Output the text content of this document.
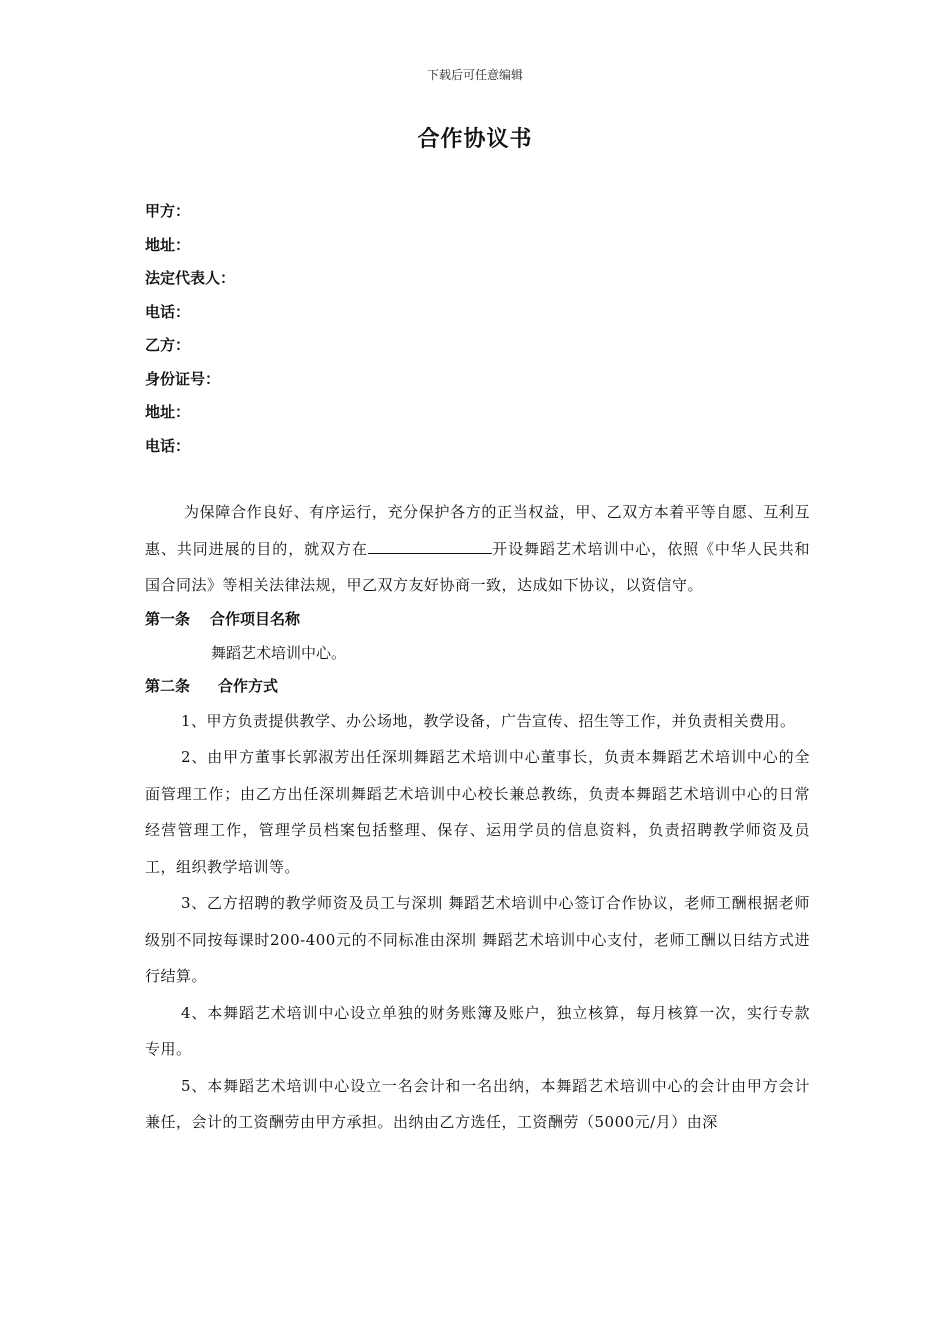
下载后可任意编辑
合作协议书
甲方：
地址：
法定代表人：
电话：
乙方：
身份证号：
地址：
电话：

为保障合作良好、有序运行，充分保护各方的正当权益，甲、乙双方本着平等自愿、互利互惠、共同进展的目的，就双方在	开设舞蹈艺术培训中心，依照《中华人民共和国合同法》等相关法律法规，甲乙双方友好协商一致，达成如下协议，以资信守。

第一条 合作项目名称

舞蹈艺术培训中心。

第二条 合作方式

1、甲方负责提供教学、办公场地，教学设备，广告宣传、招生等工作，并负责相关费用。

2、由甲方董事长郭淑芳出任深圳舞蹈艺术培训中心董事长，负责本舞蹈艺术培训中心的全面管理工作；由乙方出任深圳舞蹈艺术培训中心校长兼总教练，负责本舞蹈艺术培训中心的日常经营管理工作，管理学员档案包括整理、保存、运用学员的信息资料，负责招聘教学师资及员工，组织教学培训等。

3、乙方招聘的教学师资及员工与深圳 舞蹈艺术培训中心签订合作协议，老师工酬根据老师级别不同按每课时200-400元的不同标准由深圳 舞蹈艺术培训中心支付，老师工酬以日结方式进行结算。

4、本舞蹈艺术培训中心设立单独的财务账簿及账户，独立核算，每月核算一次，实行专款专用。

5、本舞蹈艺术培训中心设立一名会计和一名出纳，本舞蹈艺术培训中心的会计由甲方会计兼任，会计的工资酬劳由甲方承担。出纳由乙方选任，工资酬劳（5000元/月）由深
